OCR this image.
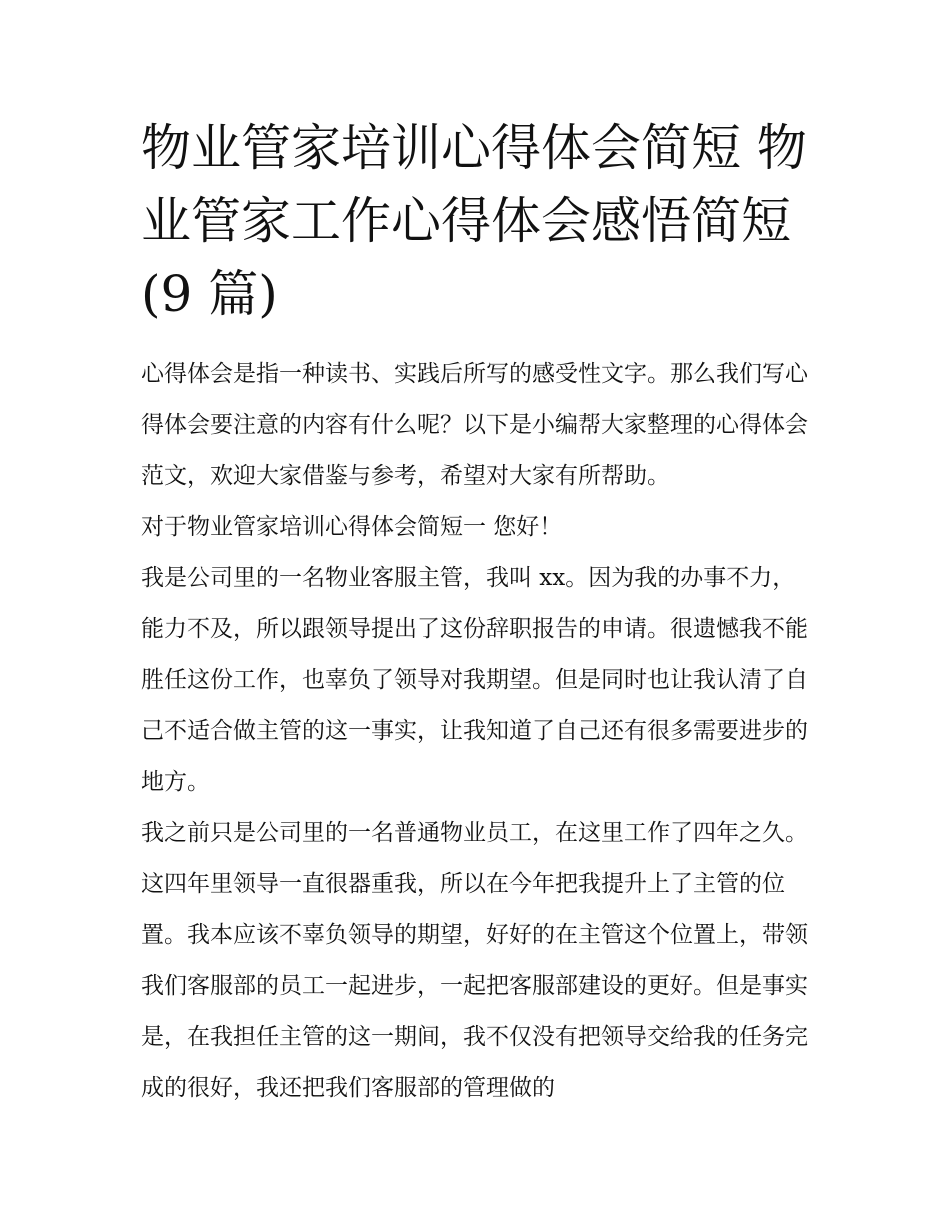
物业管家培训心得体会简短 物业管家工作心得体会感悟简短 (9 篇)

心得体会是指一种读书、实践后所写的感受性文字。那么我们写心得体会要注意的内容有什么呢？以下是小编帮大家整理的心得体会范文，欢迎大家借鉴与参考，希望对大家有所帮助。

对于物业管家培训心得体会简短一 您好！

我是公司里的一名物业客服主管，我叫 xx。因为我的办事不力，能力不及，所以跟领导提出了这份辞职报告的申请。很遗憾我不能胜任这份工作，也辜负了领导对我期望。但是同时也让我认清了自己不适合做主管的这一事实，让我知道了自己还有很多需要进步的地方。

我之前只是公司里的一名普通物业员工，在这里工作了四年之久。这四年里领导一直很器重我，所以在今年把我提升上了主管的位置。我本应该不辜负领导的期望，好好的在主管这个位置上，带领我们客服部的员工一起进步，一起把客服部建设的更好。但是事实是，在我担任主管的这一期间，我不仅没有把领导交给我的任务完成的很好，我还把我们客服部的管理做的
